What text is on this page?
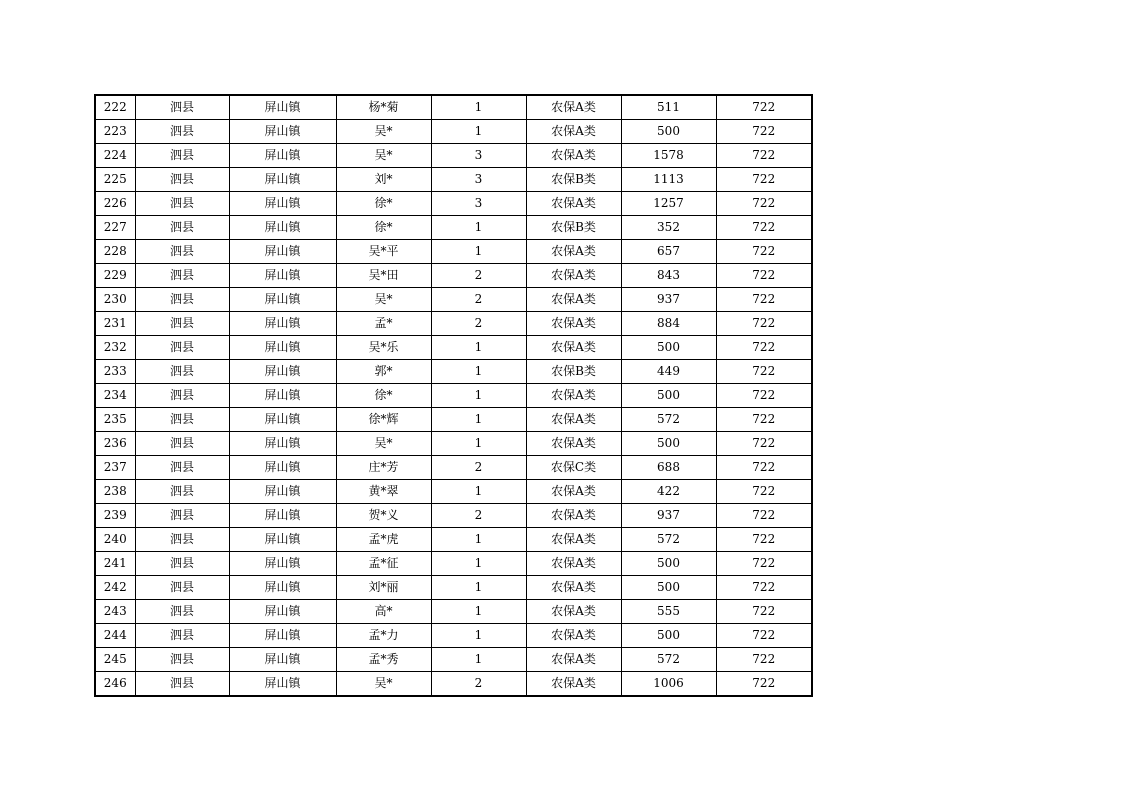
222	泗县	屏山镇	杨*菊	1	农保A类	511	722
223	泗县	屏山镇	吴*	1	农保A类	500	722
224	泗县	屏山镇	吴*	3	农保A类	1578	722
225	泗县	屏山镇	刘*	3	农保B类	1113	722
226	泗县	屏山镇	徐*	3	农保A类	1257	722
227	泗县	屏山镇	徐*	1	农保B类	352	722
228	泗县	屏山镇	吴*平	1	农保A类	657	722
229	泗县	屏山镇	吴*田	2	农保A类	843	722
230	泗县	屏山镇	吴*	2	农保A类	937	722
231	泗县	屏山镇	孟*	2	农保A类	884	722
232	泗县	屏山镇	吴*乐	1	农保A类	500	722
233	泗县	屏山镇	郭*	1	农保B类	449	722
234	泗县	屏山镇	徐*	1	农保A类	500	722
235	泗县	屏山镇	徐*辉	1	农保A类	572	722
236	泗县	屏山镇	吴*	1	农保A类	500	722
237	泗县	屏山镇	庄*芳	2	农保C类	688	722
238	泗县	屏山镇	黄*翠	1	农保A类	422	722
239	泗县	屏山镇	贺*义	2	农保A类	937	722
240	泗县	屏山镇	孟*虎	1	农保A类	572	722
241	泗县	屏山镇	孟*征	1	农保A类	500	722
242	泗县	屏山镇	刘*丽	1	农保A类	500	722
243	泗县	屏山镇	高*	1	农保A类	555	722
244	泗县	屏山镇	孟*力	1	农保A类	500	722
245	泗县	屏山镇	孟*秀	1	农保A类	572	722
246	泗县	屏山镇	吴*	2	农保A类	1006	722
